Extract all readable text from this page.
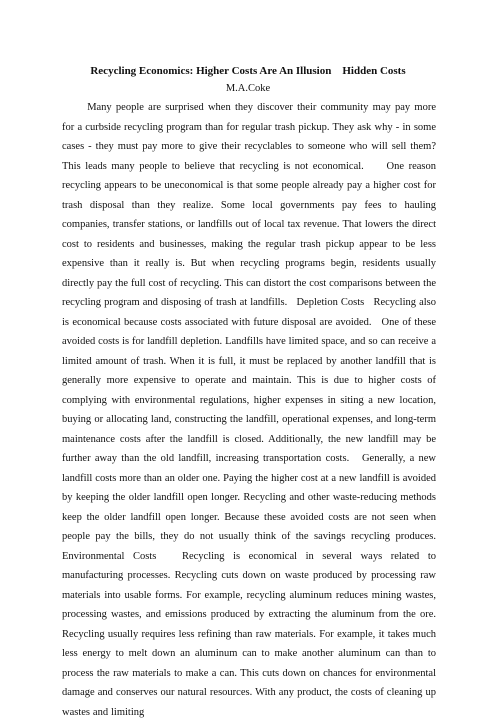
Recycling Economics: Higher Costs Are An Illusion    Hidden Costs
M.A.Coke

Many people are surprised when they discover their community may pay more for a curbside recycling program than for regular trash pickup. They ask why - in some cases - they must pay more to give their recyclables to someone who will sell them? This leads many people to believe that recycling is not economical.     One reason recycling appears to be uneconomical is that some people already pay a higher cost for trash disposal than they realize. Some local governments pay fees to hauling companies, transfer stations, or landfills out of local tax revenue. That lowers the direct cost to residents and businesses, making the regular trash pickup appear to be less expensive than it really is. But when recycling programs begin, residents usually directly pay the full cost of recycling. This can distort the cost comparisons between the recycling program and disposing of trash at landfills.   Depletion Costs   Recycling also is economical because costs associated with future disposal are avoided.   One of these avoided costs is for landfill depletion. Landfills have limited space, and so can receive a limited amount of trash. When it is full, it must be replaced by another landfill that is generally more expensive to operate and maintain. This is due to higher costs of complying with environmental regulations, higher expenses in siting a new location, buying or allocating land, constructing the landfill, operational expenses, and long-term maintenance costs after the landfill is closed. Additionally, the new landfill may be further away than the old landfill, increasing transportation costs.   Generally, a new landfill costs more than an older one. Paying the higher cost at a new landfill is avoided by keeping the older landfill open longer. Recycling and other waste-reducing methods keep the older landfill open longer. Because these avoided costs are not seen when people pay the bills, they do not usually think of the savings recycling produces.   Environmental Costs   Recycling is economical in several ways related to manufacturing processes. Recycling cuts down on waste produced by processing raw materials into usable forms. For example, recycling aluminum reduces mining wastes, processing wastes, and emissions produced by extracting the aluminum from the ore.      Recycling usually requires less refining than raw materials. For example, it takes much less energy to melt down an aluminum can to make another aluminum can than to process the raw materials to make a can. This cuts down on chances for environmental damage and conserves our natural resources. With any product, the costs of cleaning up wastes and limiting
